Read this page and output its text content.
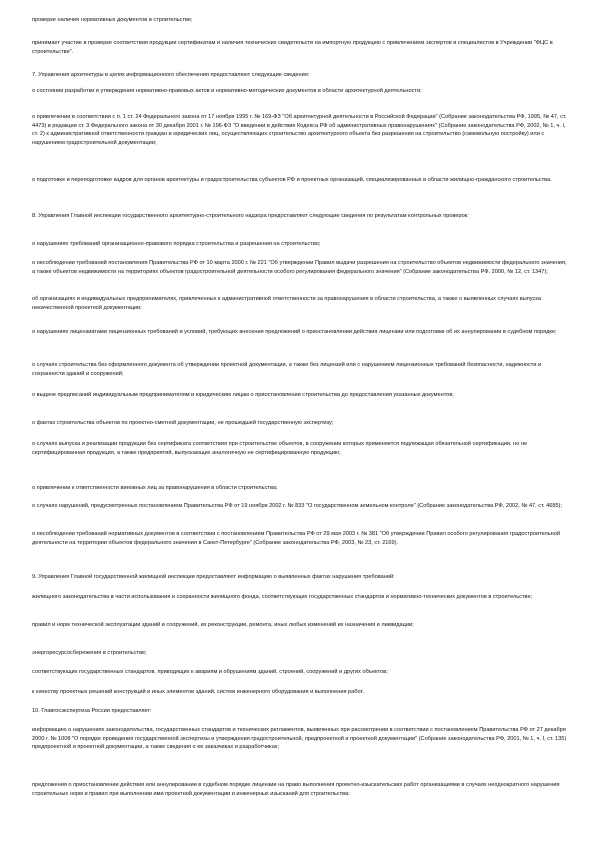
проверке наличия нормативных документов в строительстве;

принимает участие в проверке соответствия продукции сертификатам и наличия технических свидетельств на импортную продукцию с привлечением экспертов и специалистов в Учреждении "ФЦС в строительстве".

7. Управления архитектуры в целях информационного обеспечения предоставляют следующие сведения:

о состоянии разработки и утверждения нормативно-правовых актов и нормативно-методических документов в области архитектурной деятельности;

о привлечении в соответствии с п. 1 ст. 24 Федерального закона от 17 ноября 1995 г. № 169-ФЗ "Об архитектурной деятельности в Российской Федерации" (Собрание законодательства РФ, 1995, № 47, ст. 4473) в редакции ст. 3 Федерального закона от 30 декабря 2001 г. № 196-ФЗ "О введении в действие Кодекса РФ об административных правонарушениях" (Собрание законодательства РФ, 2002, № 1, ч. I, ст. 2) к административной ответственности граждан и юридических лиц, осуществляющих строительство архитектурного объекта без разрешения на строительство (самовольную постройку) или с нарушением градостроительной документации;

о подготовке и переподготовке кадров для органов архитектуры и градостроительства субъектов РФ и проектных организаций, специализированных в области жилищно-гражданского строительства.

8. Управления Главной инспекции государственного архитектурно-строительного надзора предоставляют следующие сведения по результатам контрольных проверок:

о нарушениях требований организационно-правового порядка строительства и разрешения на строительство;

о несоблюдении требований постановления Правительства РФ от 10 марта 2000 г. № 221 "Об утверждении Правил выдачи разрешения на строительство объектов недвижимости федерального значения, а также объектов недвижимости на территориях объектов градостроительной деятельности особого регулирования федерального значения" (Собрание законодательства РФ, 2000, № 12, ст. 1347);

об организациях и индивидуальных предпринимателях, привлеченных к административной ответственности за правонарушения в области строительства, а также о выявленных случаях выпуска некачественной проектной документации;

о нарушениях лицензиатами лицензионных требований и условий, требующих внесения предложений о приостановлении действия лицензии или подготовки об их аннулировании в судебном порядке;

о случаях строительства без оформленного документа об утверждении проектной документации, а также без лицензий или с нарушением лицензионных требований безопасности, надежности и сохранности зданий и сооружений;

о выдаче предписаний индивидуальным предпринимателям и юридическим лицам о приостановлении строительства до предоставления указанных документов;

о фактах строительства объектов по проектно-сметной документации, не прошедшей государственную экспертизу;

о случаях выпуска и реализации продукции без сертификата соответствия при строительстве объектов, в сооружении которых применяется подлежащая обязательной сертификации, но не сертифицированная продукция, а также предприятий, выпускающих аналогичную не сертифицированную продукцию;

о привлечении к ответственности виновных лиц за правонарушения в области строительства;

о случаях нарушений, предусмотренных постановлением Правительства РФ от 19 ноября 2002 г. № 833 "О государственном земельном контроле" (Собрание законодательства РФ, 2002, № 47, ст. 4685);

о несоблюдении требований нормативных документов в соответствии с постановлением Правительства РФ от 29 мая 2003 г. № 381 "Об утверждении Правил особого регулирования градостроительной деятельности на территории объектов федерального значения в Санкт-Петербурге" (Собрание законодательства РФ, 2003, № 23, ст. 2169).

9. Управления Главной государственной жилищной инспекции предоставляют информацию о выявленных фактах нарушения требований:

жилищного законодательства в части использования и сохранности жилищного фонда, соответствующих государственных стандартов и нормативно-технических документов в строительстве;

правил и норм технической эксплуатации зданий и сооружений, их реконструкции, ремонта, иных любых изменений их назначения и ликвидации;

энергоресурсосбережения в строительстве;

соответствующих государственных стандартов, приводящих к авариям и обрушениям зданий, строений, сооружений и других объектов;

к качеству проектных решений конструкций и иных элементов зданий, систем инженерного оборудования и выполнения работ.

10. Главгосэкспертиза России предоставляет:

информацию о нарушениях законодательства, государственных стандартов и технических регламентов, выявленных при рассмотрении в соответствии с постановлением Правительства РФ от 27 декабря 2000 г. № 1008 "О порядке проведения государственной экспертизы и утверждения градостроительной, предпроектной и проектной документации" (Собрание законодательства РФ, 2001, № 1, ч. I, ст. 135) предпроектной и проектной документации, а также сведения о ее заказчиках и разработчиках;

предложения о приостановлении действия или аннулировании в судебном порядке лицензии на право выполнения проектно-изыскательских работ организациями в случаях неоднократного нарушения строительных норм и правил при выполнении ими проектной документации и инженерных изысканий для строительства;
